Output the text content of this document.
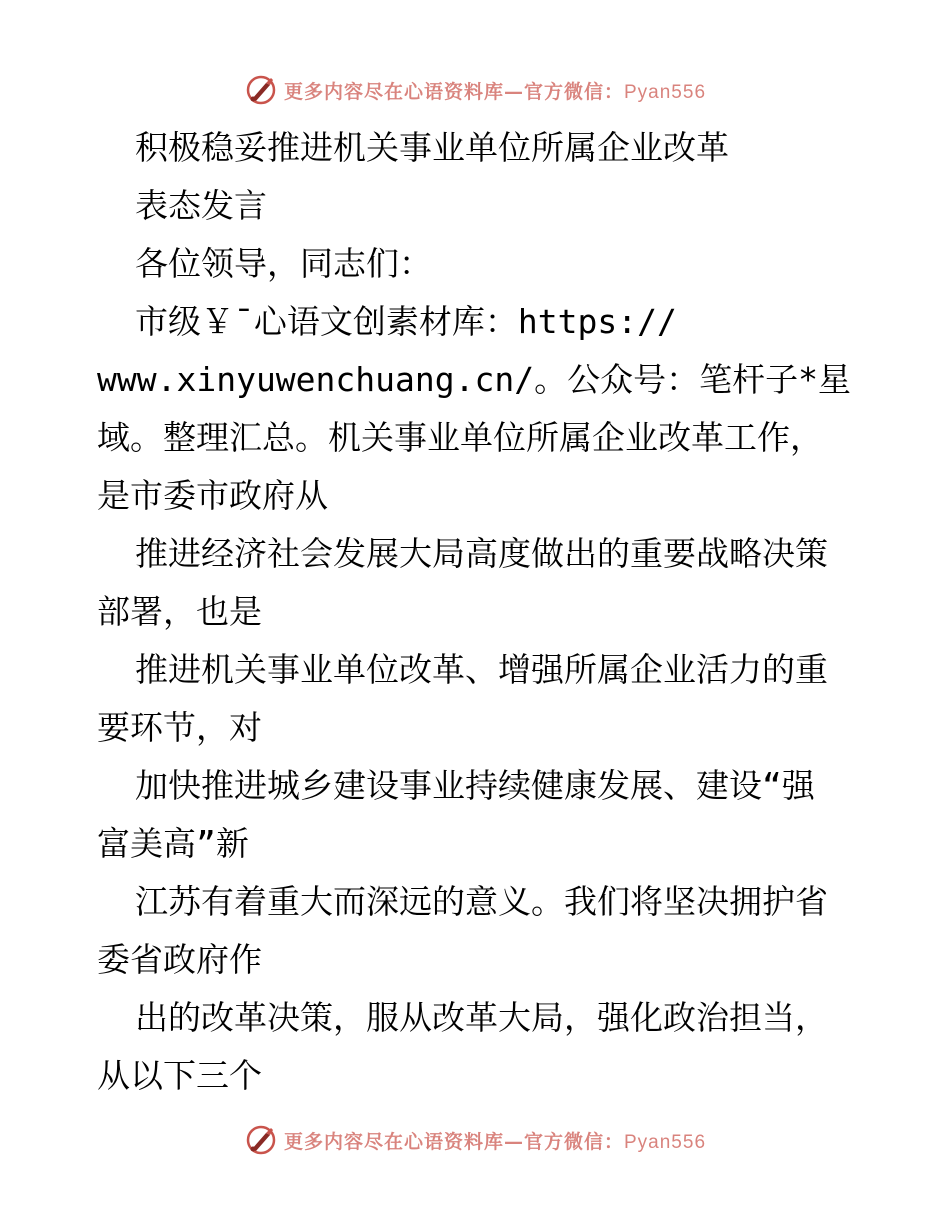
更多内容尽在心语资料库—官方微信：Pyan556
积极稳妥推进机关事业单位所属企业改革
表态发言
各位领导，同志们：
市级￥¯心语文创素材库：https://
www.xinyuwenchuang.cn/。公众号：笔杆子*星
域。整理汇总。机关事业单位所属企业改革工作，
是市委市政府从
推进经济社会发展大局高度做出的重要战略决策
部署，也是
推进机关事业单位改革、增强所属企业活力的重
要环节，对
加快推进城乡建设事业持续健康发展、建设“强
富美高”新
江苏有着重大而深远的意义。我们将坚决拥护省
委省政府作
出的改革决策，服从改革大局，强化政治担当，
从以下三个
更多内容尽在心语资料库—官方微信：Pyan556
